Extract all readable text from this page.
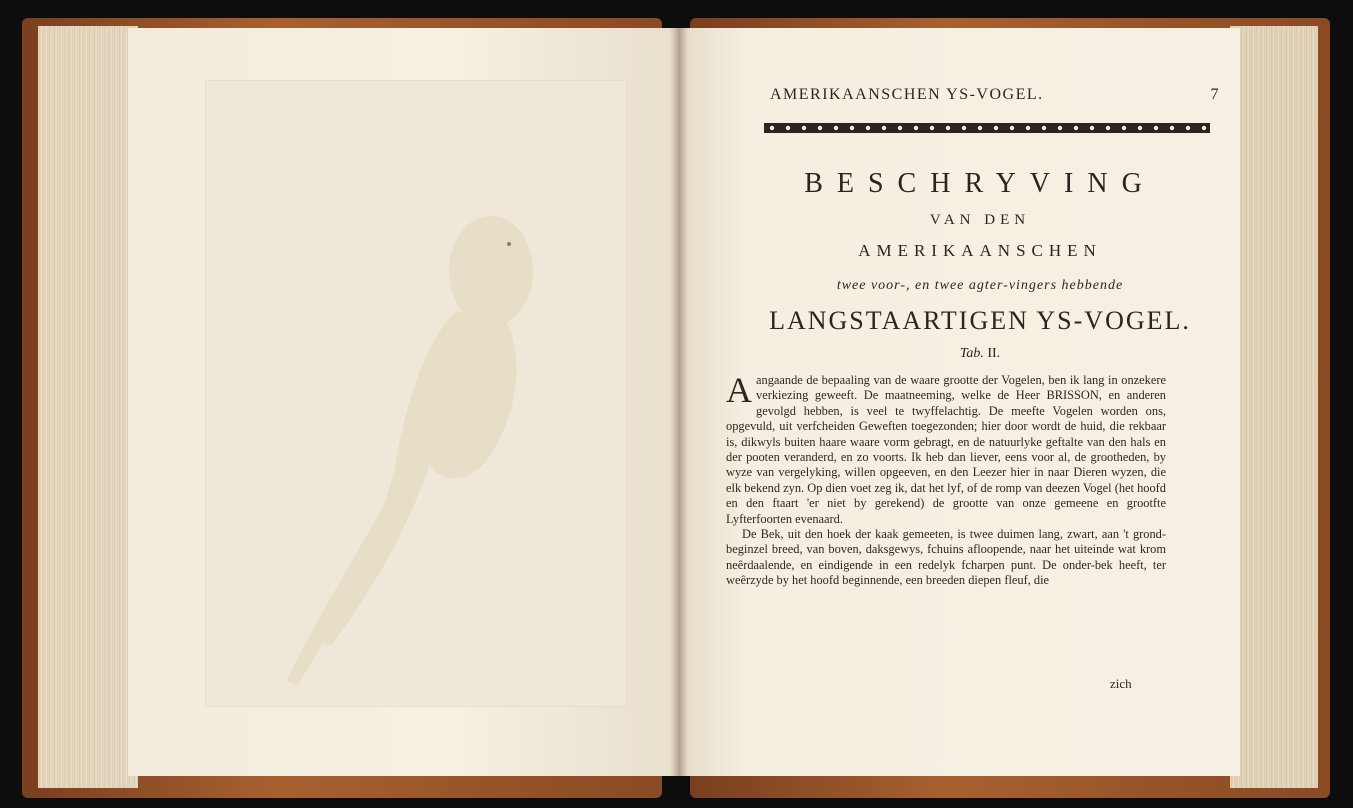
AMERIKAANSCHEN YS-VOGEL.	7
BESCHRYVING
VAN DEN
AMERIKAANSCHEN
twee voor-, en twee agter-vingers hebbende
LANGSTAARTIGEN YS-VOGEL.
Tab. II.

Aangaande de bepaaling van de waare grootte der Vogelen, ben ik lang in onzekere verkiezing geweeft. De maatneeming, welke de Heer BRISSON, en anderen gevolgd hebben, is veel te twyffelachtig. De meefte Vogelen worden ons, opgevuld, uit verfcheiden Geweften toegezonden; hier door wordt de huid, die rekbaar is, dikwyls buiten haare waare vorm gebragt, en de natuurlyke geftalte van den hals en der pooten veranderd, en zo voorts. Ik heb dan liever, eens voor al, de grootheden, by wyze van vergelyking, willen opgeeven, en den Leezer hier in naar Dieren wyzen, die elk bekend zyn. Op dien voet zeg ik, dat het lyf, of de romp van deezen Vogel (het hoofd en den ftaart 'er niet by gerekend) de grootte van onze gemeene en grootfte Lyfterfoorten evenaard.

De Bek, uit den hoek der kaak gemeeten, is twee duimen lang, zwart, aan 't grond-beginzel breed, van boven, daksgewys, fchuins afloopende, naar het uiteinde wat krom neêrdaalende, en eindigende in een redelyk fcharpen punt. De onder-bek heeft, ter weêrzyde by het hoofd beginnende, een breeden diepen fleuf, die

zich
